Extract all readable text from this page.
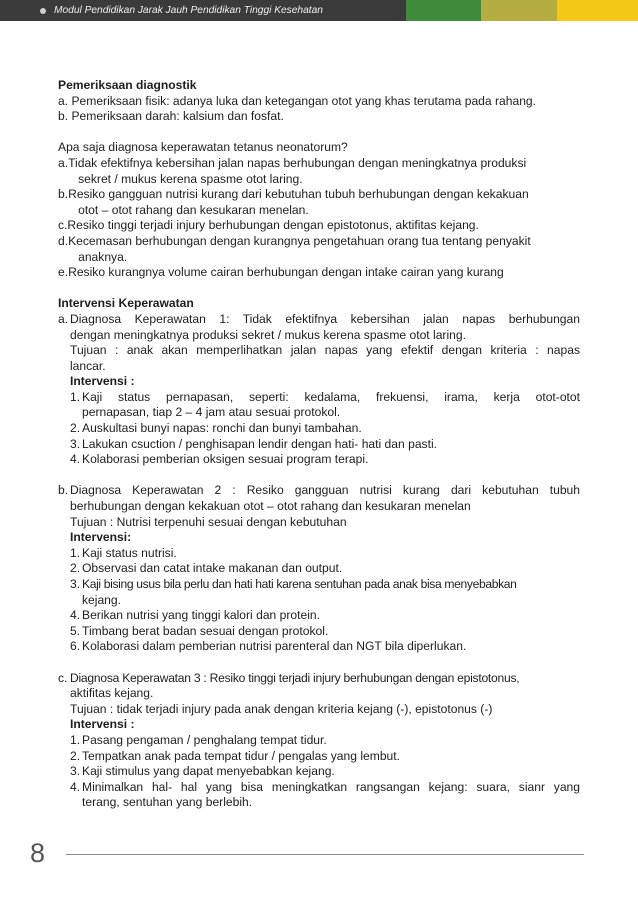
Modul Pendidikan Jarak Jauh Pendidikan Tinggi Kesehatan
Pemeriksaan diagnostik
a. Pemeriksaan fisik: adanya luka dan ketegangan otot yang khas terutama pada rahang.
b. Pemeriksaan darah: kalsium dan fosfat.
Apa saja diagnosa keperawatan tetanus neonatorum?
a. Tidak efektifnya kebersihan jalan napas berhubungan dengan meningkatnya produksi
sekret / mukus kerena spasme otot laring.
b. Resiko gangguan nutrisi kurang dari kebutuhan tubuh berhubungan dengan kekakuan
otot – otot rahang dan kesukaran menelan.
c. Resiko tinggi terjadi injury berhubungan dengan epistotonus, aktifitas kejang.
d. Kecemasan berhubungan dengan kurangnya pengetahuan orang tua tentang penyakit
anaknya.
e. Resiko kurangnya volume cairan berhubungan dengan intake cairan yang kurang
Intervensi Keperawatan
a. Diagnosa Keperawatan 1: Tidak efektifnya kebersihan jalan napas berhubungan
dengan meningkatnya produksi sekret / mukus kerena spasme otot laring.
Tujuan : anak akan memperlihatkan jalan napas yang efektif dengan kriteria : napas
lancar.
Intervensi :
1. Kaji status pernapasan, seperti: kedalama, frekuensi, irama, kerja otot-otot
pernapasan, tiap 2 – 4 jam atau sesuai protokol.
2. Auskultasi bunyi napas: ronchi dan bunyi tambahan.
3. Lakukan csuction / penghisapan lendir dengan hati- hati dan pasti.
4. Kolaborasi pemberian oksigen sesuai program terapi.
b. Diagnosa Keperawatan 2 : Resiko gangguan nutrisi kurang dari kebutuhan tubuh
berhubungan dengan kekakuan otot – otot rahang dan kesukaran menelan
Tujuan : Nutrisi terpenuhi sesuai dengan kebutuhan
Intervensi:
1. Kaji status nutrisi.
2. Observasi dan catat intake makanan dan output.
3. Kaji bising usus bila perlu dan hati hati karena sentuhan pada anak bisa menyebabkan
kejang.
4. Berikan nutrisi yang tinggi kalori dan protein.
5. Timbang berat badan sesuai dengan protokol.
6. Kolaborasi dalam pemberian nutrisi parenteral dan NGT bila diperlukan.
c. Diagnosa Keperawatan 3 : Resiko tinggi terjadi injury berhubungan dengan epistotonus,
aktifitas kejang.
Tujuan : tidak terjadi injury pada anak dengan kriteria kejang (-), epistotonus (-)
Intervensi :
1. Pasang pengaman / penghalang tempat tidur.
2. Tempatkan anak pada tempat tidur / pengalas yang lembut.
3. Kaji stimulus yang dapat menyebabkan kejang.
4. Minimalkan hal- hal yang bisa meningkatkan rangsangan kejang: suara, sianr yang
terang, sentuhan yang berlebih.
8
